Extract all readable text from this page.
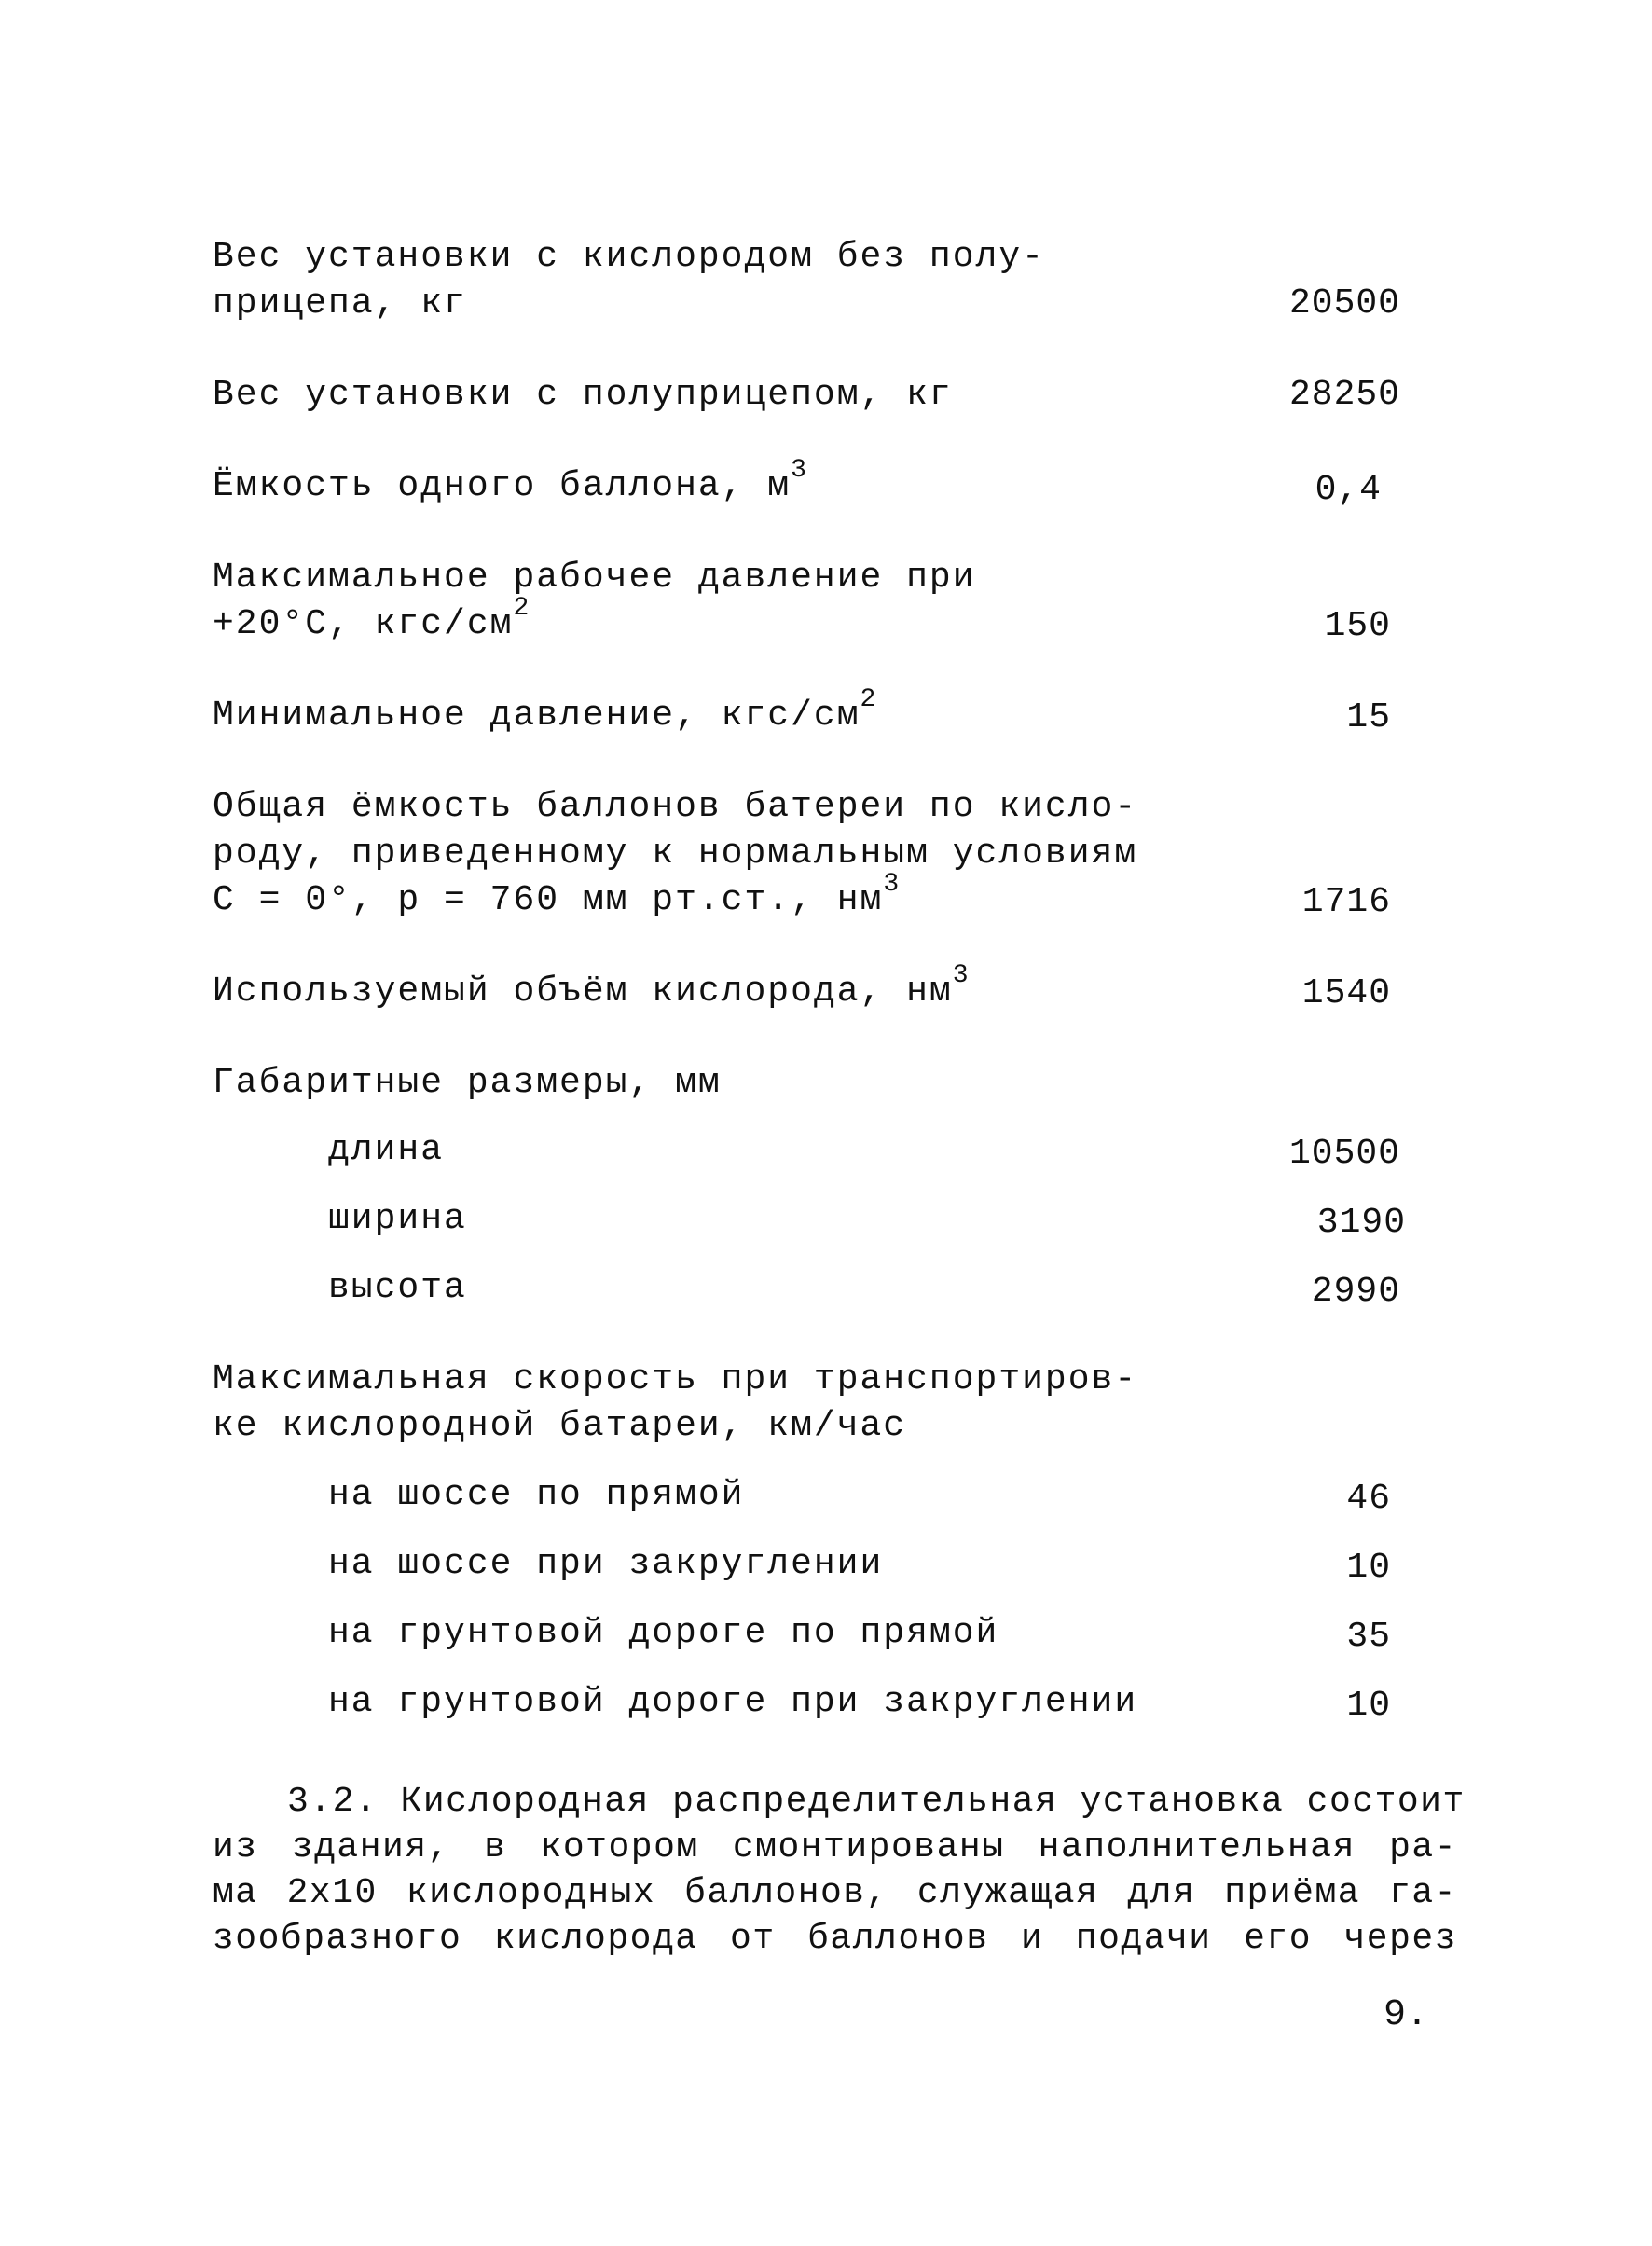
Вес установки с кислородом без полу-
прицепа, кг	20500
Вес установки с полуприцепом, кг	28250
Ёмкость одного баллона, $м^3$	0,4
Максимальное рабочее давление при
+20°С, кгс/$см^2$	150
Минимальное давление, кгс/$см^2$	15
Общая ёмкость баллонов батереи по кисло-
роду, приведенному к нормальным условиям
С = 0°, р = 760 мм рт.ст., $нм^3$	1716
Используемый объём кислорода, $нм^3$	1540
Габаритные размеры, мм
длина	10500
ширина	3190
высота	2990
Максимальная скорость при транспортиров-
ке кислородной батареи, км/час
на шоссе по прямой	46
на шоссе при закруглении	10
на грунтовой дороге по прямой	35
на грунтовой дороге при закруглении	10
3.2. Кислородная распределительная установка состоит
из здания, в котором смонтированы наполнительная ра-
ма 2х10 кислородных баллонов, служащая для приёма га-
зообразного кислорода от баллонов и подачи его через
9.
